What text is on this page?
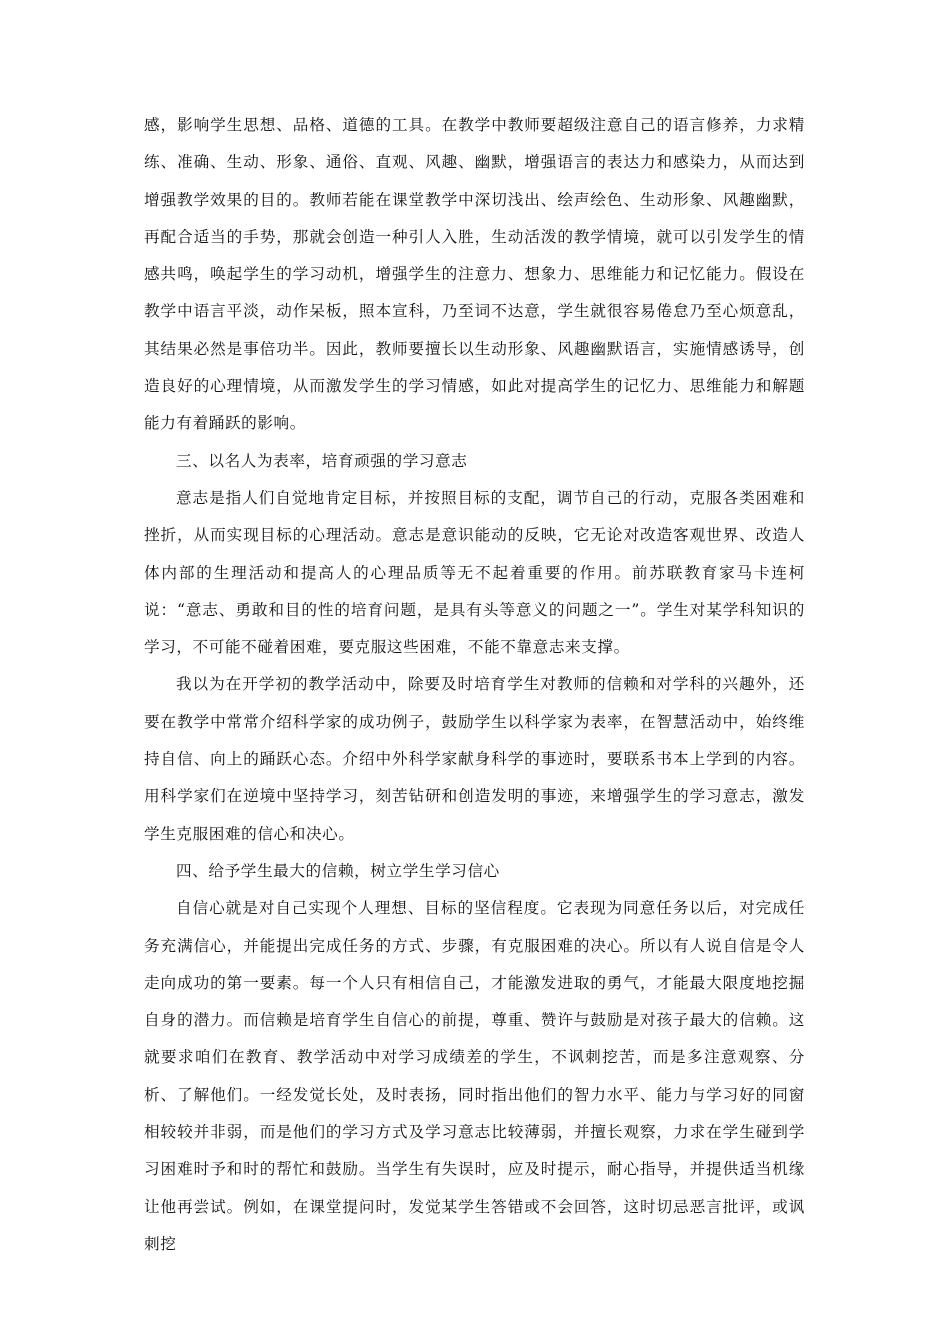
感，影响学生思想、品格、道德的工具。在教学中教师要超级注意自己的语言修养，力求精练、准确、生动、形象、通俗、直观、风趣、幽默，增强语言的表达力和感染力，从而达到增强教学效果的目的。教师若能在课堂教学中深切浅出、绘声绘色、生动形象、风趣幽默，再配合适当的手势，那就会创造一种引人入胜，生动活泼的教学情境，就可以引发学生的情感共鸣，唤起学生的学习动机，增强学生的注意力、想象力、思维能力和记忆能力。假设在教学中语言平淡，动作呆板，照本宣科，乃至词不达意，学生就很容易倦怠乃至心烦意乱，其结果必然是事倍功半。因此，教师要擅长以生动形象、风趣幽默语言，实施情感诱导，创造良好的心理情境，从而激发学生的学习情感，如此对提高学生的记忆力、思维能力和解题能力有着踊跃的影响。

三、以名人为表率，培育顽强的学习意志

意志是指人们自觉地肯定目标，并按照目标的支配，调节自己的行动，克服各类困难和挫折，从而实现目标的心理活动。意志是意识能动的反映，它无论对改造客观世界、改造人体内部的生理活动和提高人的心理品质等无不起着重要的作用。前苏联教育家马卡连柯说：“意志、勇敢和目的性的培育问题，是具有头等意义的问题之一”。学生对某学科知识的学习，不可能不碰着困难，要克服这些困难，不能不靠意志来支撑。

我以为在开学初的教学活动中，除要及时培育学生对教师的信赖和对学科的兴趣外，还要在教学中常常介绍科学家的成功例子，鼓励学生以科学家为表率，在智慧活动中，始终维持自信、向上的踊跃心态。介绍中外科学家献身科学的事迹时，要联系书本上学到的内容。用科学家们在逆境中坚持学习，刻苦钻研和创造发明的事迹，来增强学生的学习意志，激发学生克服困难的信心和决心。

四、给予学生最大的信赖，树立学生学习信心

自信心就是对自己实现个人理想、目标的坚信程度。它表现为同意任务以后，对完成任务充满信心，并能提出完成任务的方式、步骤，有克服困难的决心。所以有人说自信是令人走向成功的第一要素。每一个人只有相信自己，才能激发进取的勇气，才能最大限度地挖掘自身的潜力。而信赖是培育学生自信心的前提，尊重、赞许与鼓励是对孩子最大的信赖。这就要求咱们在教育、教学活动中对学习成绩差的学生，不讽刺挖苦，而是多注意观察、分析、了解他们。一经发觉长处，及时表扬，同时指出他们的智力水平、能力与学习好的同窗相较较并非弱，而是他们的学习方式及学习意志比较薄弱，并擅长观察，力求在学生碰到学习困难时予和时的帮忙和鼓励。当学生有失误时，应及时提示，耐心指导，并提供适当机缘让他再尝试。例如，在课堂提问时，发觉某学生答错或不会回答，这时切忌恶言批评，或讽刺挖
